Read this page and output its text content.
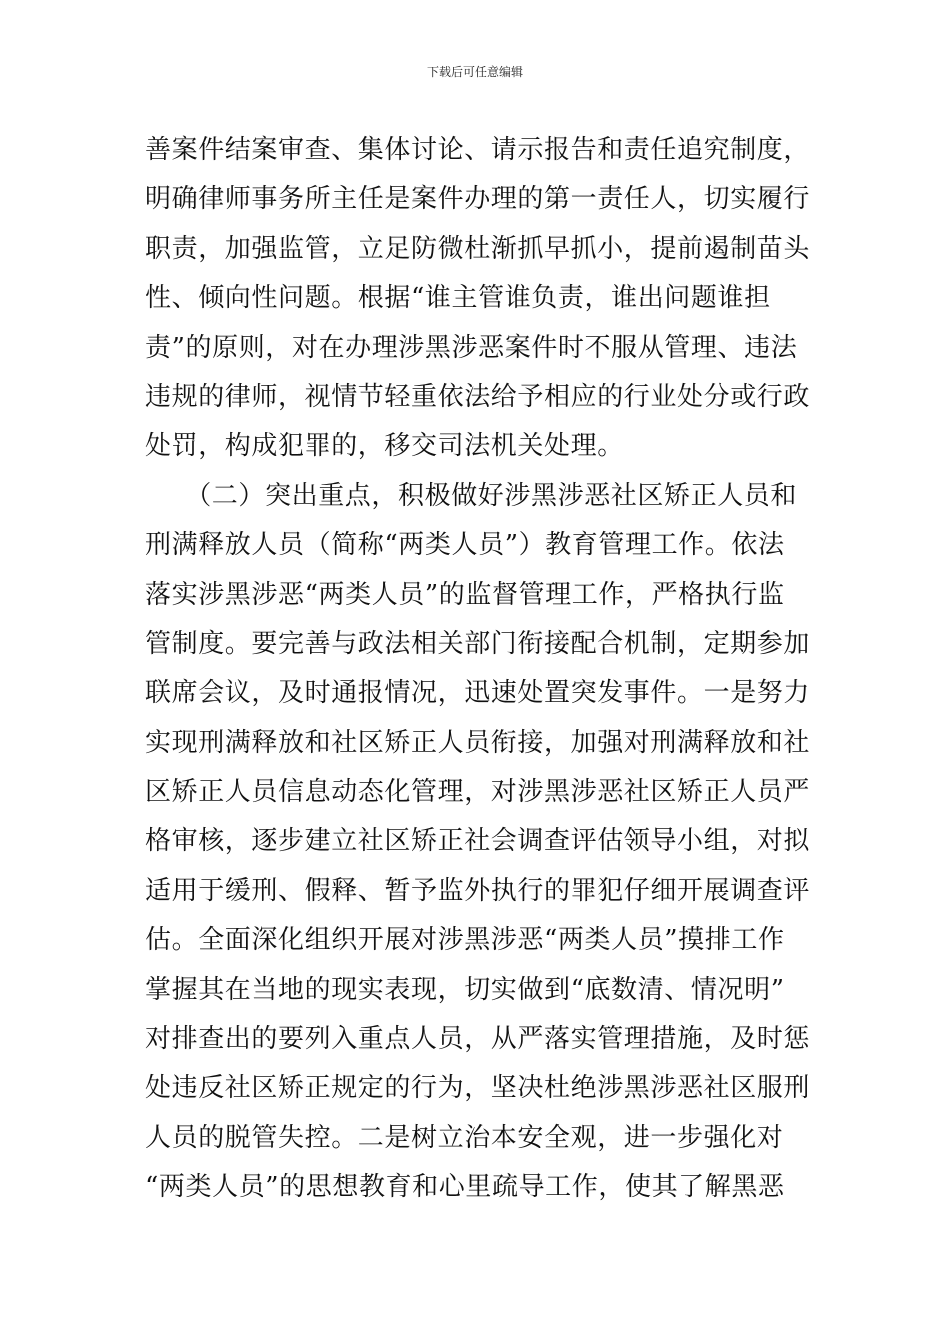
下载后可任意编辑
善案件结案审查、集体讨论、请示报告和责任追究制度，
明确律师事务所主任是案件办理的第一责任人，切实履行
职责，加强监管，立足防微杜渐抓早抓小，提前遏制苗头
性、倾向性问题。根据“谁主管谁负责，谁出问题谁担
责”的原则，对在办理涉黑涉恶案件时不服从管理、违法
违规的律师，视情节轻重依法给予相应的行业处分或行政
处罚，构成犯罪的，移交司法机关处理。
　　（二）突出重点，积极做好涉黑涉恶社区矫正人员和
刑满释放人员（简称“两类人员”）教育管理工作。依法
落实涉黑涉恶“两类人员”的监督管理工作，严格执行监
管制度。要完善与政法相关部门衔接配合机制，定期参加
联席会议，及时通报情况，迅速处置突发事件。一是努力
实现刑满释放和社区矫正人员衔接，加强对刑满释放和社
区矫正人员信息动态化管理，对涉黑涉恶社区矫正人员严
格审核，逐步建立社区矫正社会调查评估领导小组，对拟
适用于缓刑、假释、暂予监外执行的罪犯仔细开展调查评
估。全面深化组织开展对涉黑涉恶“两类人员”摸排工作
掌握其在当地的现实表现，切实做到“底数清、情况明”
对排查出的要列入重点人员，从严落实管理措施，及时惩
处违反社区矫正规定的行为，坚决杜绝涉黑涉恶社区服刑
人员的脱管失控。二是树立治本安全观，进一步强化对
“两类人员”的思想教育和心里疏导工作，使其了解黑恶
